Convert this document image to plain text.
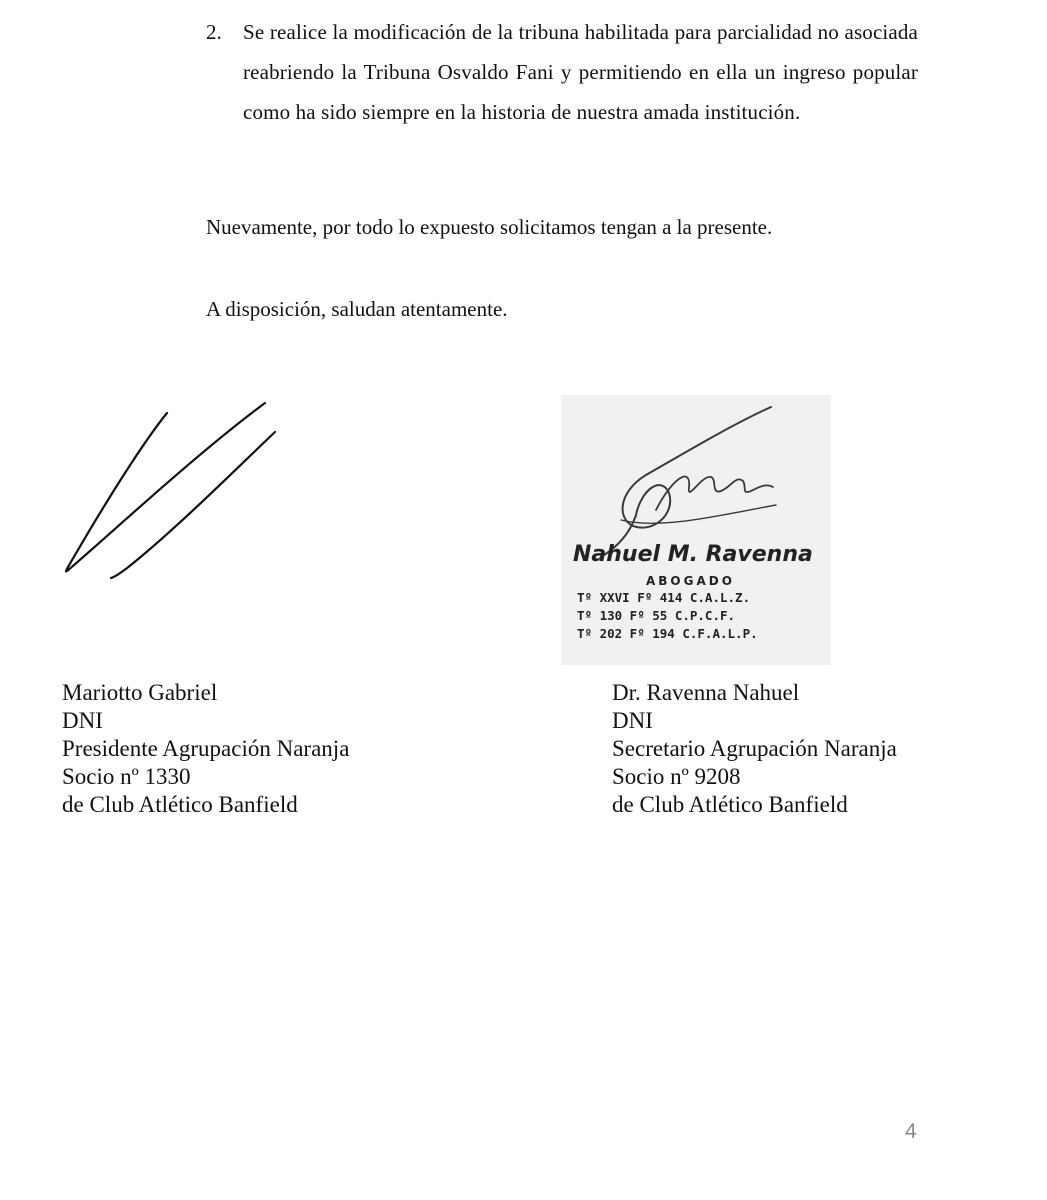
2. Se realice la modificación de la tribuna habilitada para parcialidad no asociada reabriendo la Tribuna Osvaldo Fani y permitiendo en ella un ingreso popular como ha sido siempre en la historia de nuestra amada institución.
Nuevamente, por todo lo expuesto solicitamos tengan a la presente.
A disposición, saludan atentamente.
Nahuel M. Ravenna
ABOGADO
Tº XXVI Fº 414 C.A.L.Z.
Tº 130 Fº 55 C.P.C.F.
Tº 202 Fº 194 C.F.A.L.P.
Mariotto Gabriel
DNI
Presidente Agrupación Naranja
Socio nº 1330
de Club Atlético Banfield
Dr. Ravenna Nahuel
DNI
Secretario Agrupación Naranja
Socio nº 9208
de Club Atlético Banfield
4
